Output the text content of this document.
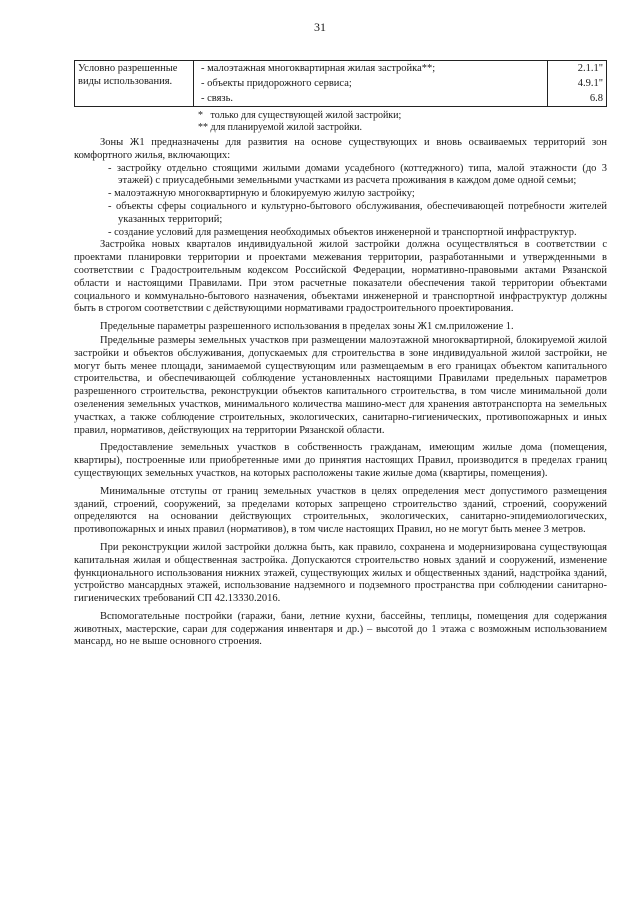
31
Условно разрешенные виды использования.	- малоэтажная многоквартирная жилая застройка**;	2.1.1"

	- объекты придорожного сервиса;	4.9.1"

	- связь.	6.8
*   только для существующей жилой застройки;
** для планируемой жилой застройки.

Зоны Ж1 предназначены для развития на основе существующих и вновь осваиваемых территорий зон комфортного жилья, включающих:

- застройку отдельно стоящими жилыми домами усадебного (коттеджного) типа, малой этажности (до 3 этажей) с приусадебными земельными участками из расчета проживания в каждом доме одной семьи;
- малоэтажную многоквартирную и блокируемую жилую застройку;
- объекты сферы социального и культурно-бытового обслуживания, обеспечивающей потребности жителей указанных территорий;
- создание условий для размещения необходимых объектов инженерной и транспортной инфраструктур.

Застройка новых кварталов индивидуальной жилой застройки должна осуществляться в соответствии с проектами планировки территории и проектами межевания территории, разработанными и утвержденными в соответствии с Градостроительным кодексом Российской Федерации, нормативно-правовыми актами Рязанской области и настоящими Правилами. При этом расчетные показатели обеспечения такой территории объектами социального и коммунально-бытового назначения, объектами инженерной и транспортной инфраструктур должны быть в строгом соответствии с действующими нормативами градостроительного проектирования.

Предельные параметры разрешенного использования в пределах зоны Ж1 см.приложение 1.

Предельные размеры земельных участков при размещении малоэтажной многоквартирной, блокируемой жилой застройки и объектов обслуживания, допускаемых для строительства в зоне индивидуальной жилой застройки, не могут быть менее площади, занимаемой существующим или размещаемым в его границах объектом капитального строительства, и обеспечивающей соблюдение установленных настоящими Правилами предельных параметров разрешенного строительства, реконструкции объектов капитального строительства, в том числе минимальной доли озеленения земельных участков, минимального количества машино-мест для хранения автотранспорта на земельных участках, а также соблюдение строительных, экологических, санитарно-гигиенических, противопожарных и иных правил, нормативов, действующих на территории Рязанской области.

Предоставление земельных участков в собственность гражданам, имеющим жилые дома (помещения, квартиры), построенные или приобретенные ими до принятия настоящих Правил, производится в пределах границ существующих земельных участков, на которых расположены такие жилые дома (квартиры, помещения).

Минимальные отступы от границ земельных участков в целях определения мест допустимого размещения зданий, строений, сооружений, за пределами которых запрещено строительство зданий, строений, сооружений определяются на основании действующих строительных, экологических, санитарно-эпидемиологических, противопожарных и иных правил (нормативов), в том числе настоящих Правил, но не могут быть менее 3 метров.

При реконструкции жилой застройки должна быть, как правило, сохранена и модернизирована существующая капитальная жилая и общественная застройка. Допускаются строительство новых зданий и сооружений, изменение функционального использования нижних этажей, существующих жилых и общественных зданий, надстройка зданий, устройство мансардных этажей, использование надземного и подземного пространства при соблюдении санитарно-гигиенических требований СП 42.13330.2016.

Вспомогательные постройки (гаражи, бани, летние кухни, бассейны, теплицы, помещения для содержания животных, мастерские, сараи для содержания инвентаря и др.) – высотой до 1 этажа с возможным использованием мансард, но не выше основного строения.
